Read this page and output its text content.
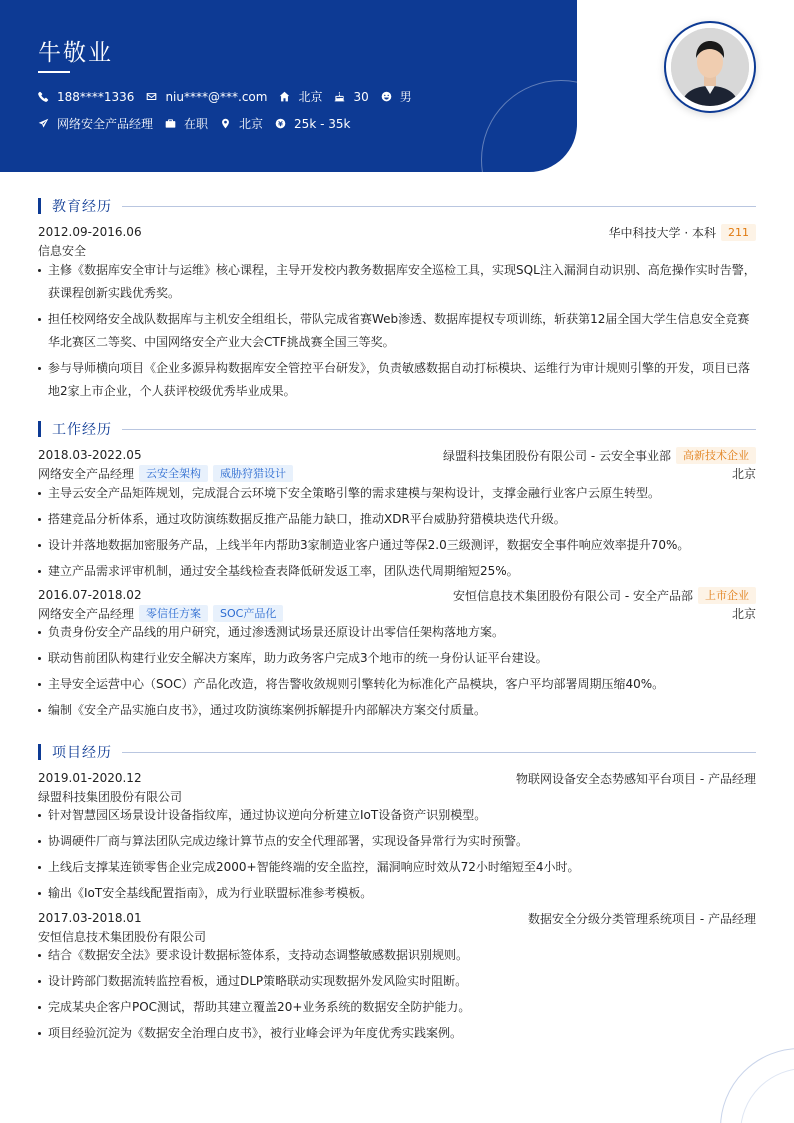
牛敬业
188****1336	niu****@***.com	北京	30	男
网络安全产品经理	在职	北京	25k - 35k
教育经历
2012.09-2016.06	华中科技大学 · 本科	211
信息安全
主修《数据库安全审计与运维》核心课程，主导开发校内教务数据库安全巡检工具，实现SQL注入漏洞自动识别、高危操作实时告警，获课程创新实践优秀奖。
担任校网络安全战队数据库与主机安全组组长，带队完成省赛Web渗透、数据库提权专项训练，斩获第12届全国大学生信息安全竞赛华北赛区二等奖、中国网络安全产业大会CTF挑战赛全国三等奖。
参与导师横向项目《企业多源异构数据库安全管控平台研发》，负责敏感数据自动打标模块、运维行为审计规则引擎的开发，项目已落地2家上市企业，个人获评校级优秀毕业成果。
工作经历
2018.03-2022.05	绿盟科技集团股份有限公司 - 云安全事业部	高新技术企业
网络安全产品经理	云安全架构	威胁狩猎设计	北京
主导云安全产品矩阵规划，完成混合云环境下安全策略引擎的需求建模与架构设计，支撑金融行业客户云原生转型。
搭建竞品分析体系，通过攻防演练数据反推产品能力缺口，推动XDR平台威胁狩猎模块迭代升级。
设计并落地数据加密服务产品，上线半年内帮助3家制造业客户通过等保2.0三级测评，数据安全事件响应效率提升70%。
建立产品需求评审机制，通过安全基线检查表降低研发返工率，团队迭代周期缩短25%。
2016.07-2018.02	安恒信息技术集团股份有限公司 - 安全产品部	上市企业
网络安全产品经理	零信任方案	SOC产品化	北京
负责身份安全产品线的用户研究，通过渗透测试场景还原设计出零信任架构落地方案。
联动售前团队构建行业安全解决方案库，助力政务客户完成3个地市的统一身份认证平台建设。
主导安全运营中心（SOC）产品化改造，将告警收敛规则引擎转化为标准化产品模块，客户平均部署周期压缩40%。
编制《安全产品实施白皮书》，通过攻防演练案例拆解提升内部解决方案交付质量。
项目经历
2019.01-2020.12	物联网设备安全态势感知平台项目 - 产品经理
绿盟科技集团股份有限公司
针对智慧园区场景设计设备指纹库，通过协议逆向分析建立IoT设备资产识别模型。
协调硬件厂商与算法团队完成边缘计算节点的安全代理部署，实现设备异常行为实时预警。
上线后支撑某连锁零售企业完成2000+智能终端的安全监控，漏洞响应时效从72小时缩短至4小时。
输出《IoT安全基线配置指南》，成为行业联盟标准参考模板。
2017.03-2018.01	数据安全分级分类管理系统项目 - 产品经理
安恒信息技术集团股份有限公司
结合《数据安全法》要求设计数据标签体系，支持动态调整敏感数据识别规则。
设计跨部门数据流转监控看板，通过DLP策略联动实现数据外发风险实时阻断。
完成某央企客户POC测试，帮助其建立覆盖20+业务系统的数据安全防护能力。
项目经验沉淀为《数据安全治理白皮书》，被行业峰会评为年度优秀实践案例。
